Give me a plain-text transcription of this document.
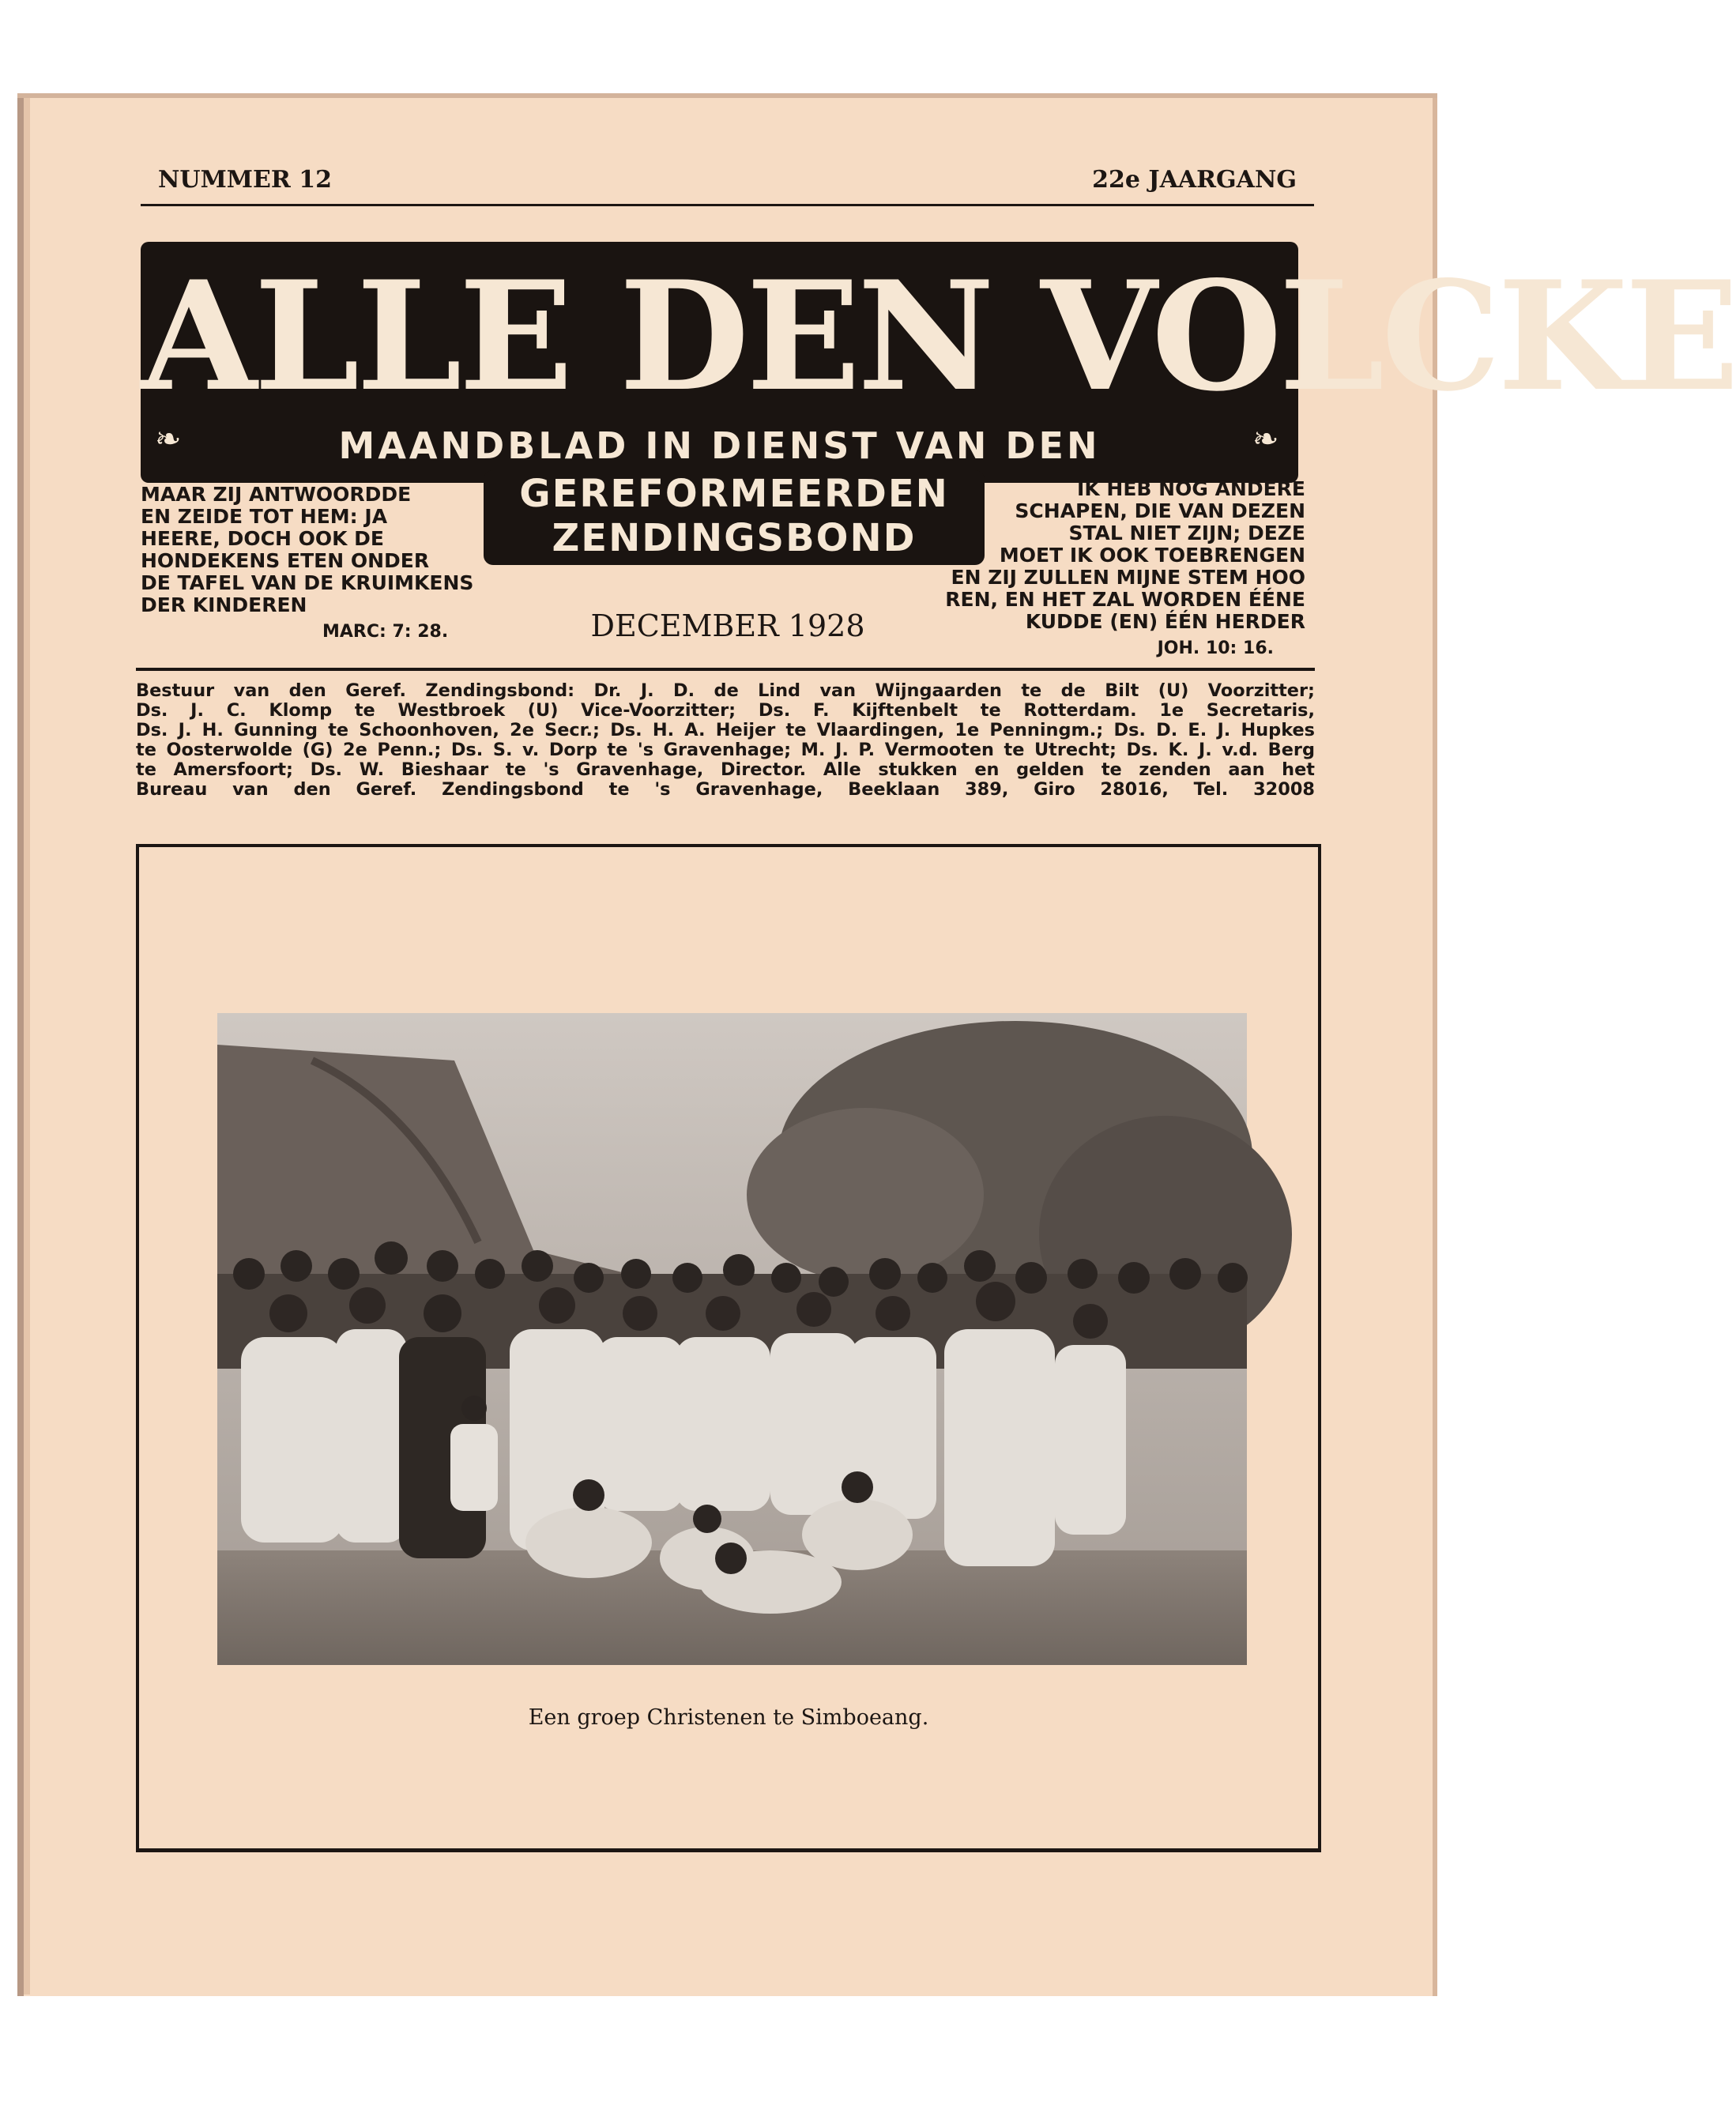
NUMMER 12	22e JAARGANG
ALLE DEN VOLCKE
❧	MAANDBLAD IN DIENST VAN DEN	❧
GEREFORMEERDEN
ZENDINGSBOND
MAAR ZIJ ANTWOORDDE
EN ZEIDE TOT HEM: JA
HEERE, DOCH OOK DE
HONDEKENS ETEN ONDER
DE TAFEL VAN DE KRUIMKENS
DER KINDEREN
MARC: 7: 28.
IK HEB NOG ANDERE
SCHAPEN, DIE VAN DEZEN
STAL NIET ZIJN; DEZE
MOET IK OOK TOEBRENGEN
EN ZIJ ZULLEN MIJNE STEM HOO
REN, EN HET ZAL WORDEN ÉÉNE
KUDDE (EN) ÉÉN HERDER
JOH. 10: 16.
DECEMBER 1928
Bestuur van den Geref. Zendingsbond: Dr. J. D. de Lind van Wijngaarden te de Bilt (U) Voorzitter;
Ds. J. C. Klomp te Westbroek (U) Vice-Voorzitter; Ds. F. Kijftenbelt te Rotterdam. 1e Secretaris,
Ds. J. H. Gunning te Schoonhoven, 2e Secr.; Ds. H. A. Heijer te Vlaardingen, 1e Penningm.; Ds. D. E. J. Hupkes
te Oosterwolde (G) 2e Penn.; Ds. S. v. Dorp te 's Gravenhage; M. J. P. Vermooten te Utrecht; Ds. K. J. v.d. Berg
te Amersfoort; Ds. W. Bieshaar te 's Gravenhage, Director. Alle stukken en gelden te zenden aan het
Bureau van den Geref. Zendingsbond te 's Gravenhage, Beeklaan 389, Giro 28016, Tel. 32008
Een groep Christenen te Simboeang.
